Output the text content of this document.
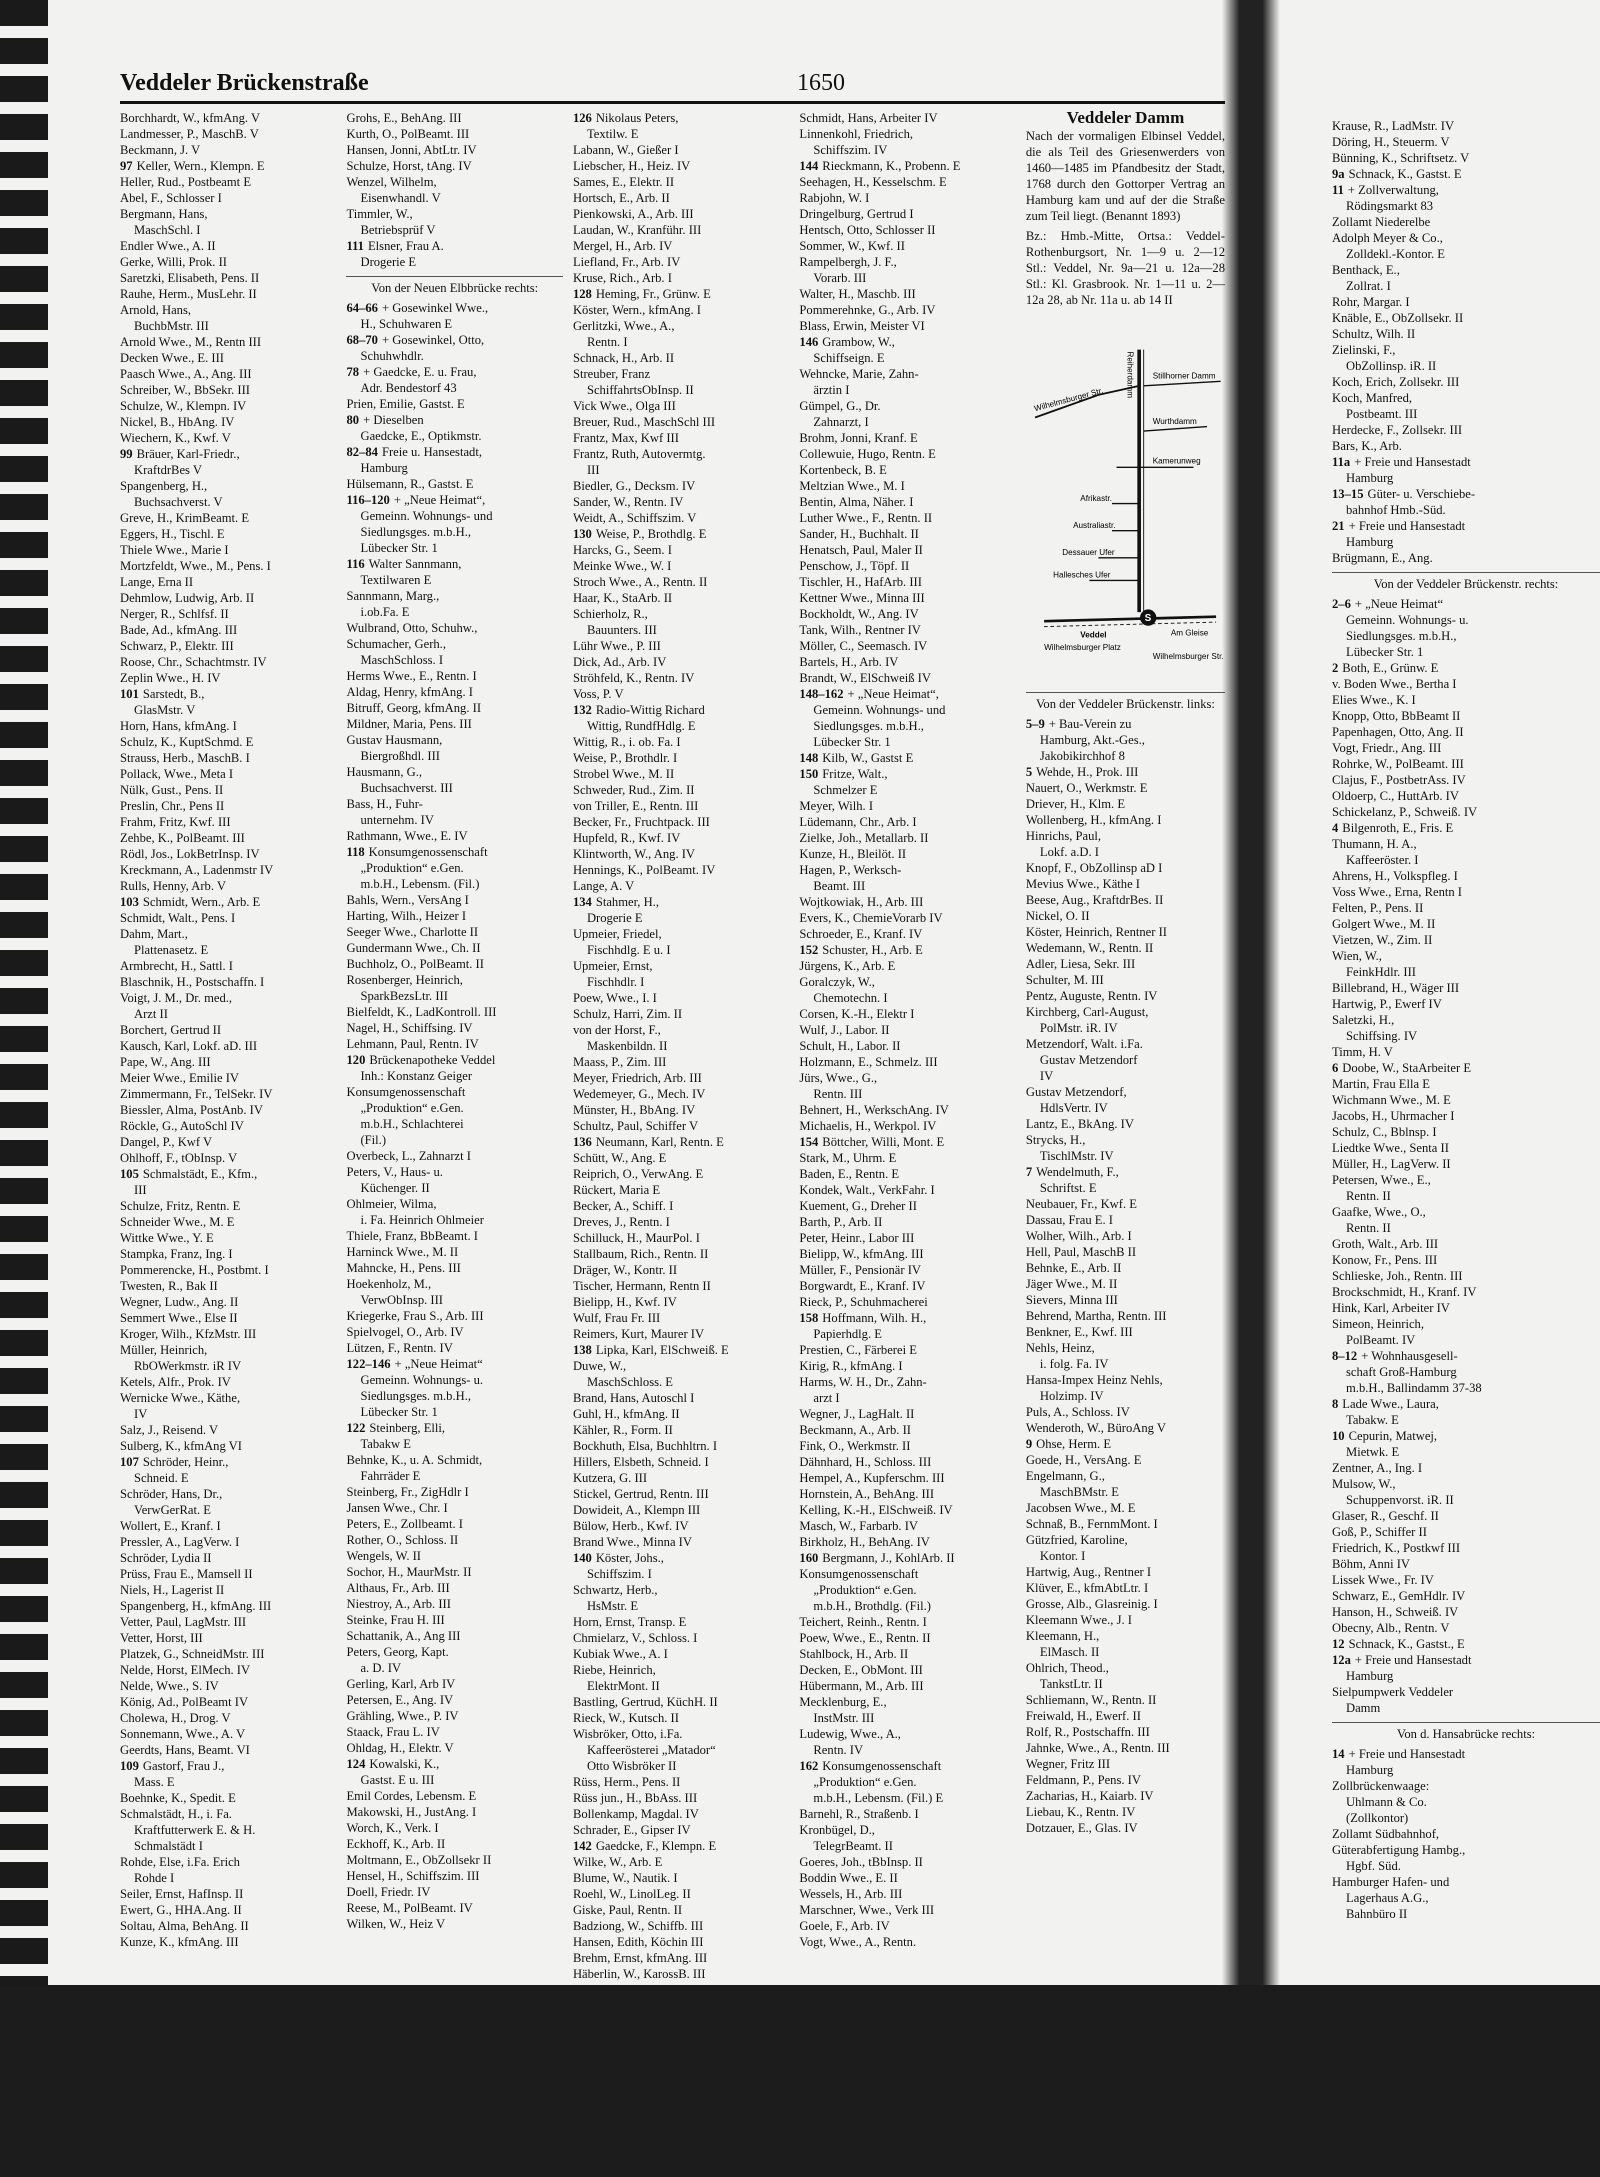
Veddeler Brückenstraße	1650
Borchhardt, W., kfmAng. V
Landmesser, P., MaschB. V
Beckmann, J. V
97 Keller, Wern., Klempn. E
Heller, Rud., Postbeamt E
Abel, F., Schlosser I
Bergmann, Hans,
MaschSchl. I
Endler Wwe., A. II
Gerke, Willi, Prok. II
Saretzki, Elisabeth, Pens. II
Rauhe, Herm., MusLehr. II
Arnold, Hans,
BuchbMstr. III
Arnold Wwe., M., Rentn III
Decken Wwe., E. III
Paasch Wwe., A., Ang. III
Schreiber, W., BbSekr. III
Schulze, W., Klempn. IV
Nickel, B., HbAng. IV
Wiechern, K., Kwf. V
99 Bräuer, Karl-Friedr.,
KraftdrBes V
Spangenberg, H.,
Buchsachverst. V
Greve, H., KrimBeamt. E
Eggers, H., Tischl. E
Thiele Wwe., Marie I
Mortzfeldt, Wwe., M., Pens. I
Lange, Erna II
Dehmlow, Ludwig, Arb. II
Nerger, R., Schlfsf. II
Bade, Ad., kfmAng. III
Schwarz, P., Elektr. III
Roose, Chr., Schachtmstr. IV
Zeplin Wwe., H. IV
101 Sarstedt, B.,
GlasMstr. V
Horn, Hans, kfmAng. I
Schulz, K., KuptSchmd. E
Strauss, Herb., MaschB. I
Pollack, Wwe., Meta I
Nülk, Gust., Pens. II
Preslin, Chr., Pens II
Frahm, Fritz, Kwf. III
Zehbe, K., PolBeamt. III
Rödl, Jos., LokBetrInsp. IV
Kreckmann, A., Ladenmstr IV
Rulls, Henny, Arb. V
103 Schmidt, Wern., Arb. E
Schmidt, Walt., Pens. I
Dahm, Mart.,
Plattenasetz. E
Armbrecht, H., Sattl. I
Blaschnik, H., Postschaffn. I
Voigt, J. M., Dr. med.,
Arzt II
Borchert, Gertrud II
Kausch, Karl, Lokf. aD. III
Pape, W., Ang. III
Meier Wwe., Emilie IV
Zimmermann, Fr., TelSekr. IV
Biessler, Alma, PostAnb. IV
Röckle, G., AutoSchl IV
Dangel, P., Kwf V
Ohlhoff, F., tObInsp. V
105 Schmalstädt, E., Kfm.,
III
Schulze, Fritz, Rentn. E
Schneider Wwe., M. E
Wittke Wwe., Y. E
Stampka, Franz, Ing. I
Pommerencke, H., Postbmt. I
Twesten, R., Bak II
Wegner, Ludw., Ang. II
Semmert Wwe., Else II
Kroger, Wilh., KfzMstr. III
Müller, Heinrich,
RbOWerkmstr. iR IV
Ketels, Alfr., Prok. IV
Wernicke Wwe., Käthe,
IV
Salz, J., Reisend. V
Sulberg, K., kfmAng VI
107 Schröder, Heinr.,
Schneid. E
Schröder, Hans, Dr.,
VerwGerRat. E
Wollert, E., Kranf. I
Pressler, A., LagVerw. I
Schröder, Lydia II
Prüss, Frau E., Mamsell II
Niels, H., Lagerist II
Spangenberg, H., kfmAng. III
Vetter, Paul, LagMstr. III
Vetter, Horst, III
Platzek, G., SchneidMstr. III
Nelde, Horst, ElMech. IV
Nelde, Wwe., S. IV
König, Ad., PolBeamt IV
Cholewa, H., Drog. V
Sonnemann, Wwe., A. V
Geerdts, Hans, Beamt. VI
109 Gastorf, Frau J.,
Mass. E
Boehnke, K., Spedit. E
Schmalstädt, H., i. Fa.
Kraftfutterwerk E. & H.
Schmalstädt I
Rohde, Else, i.Fa. Erich
Rohde I
Seiler, Ernst, HafInsp. II
Ewert, G., HHA.Ang. II
Soltau, Alma, BehAng. II
Kunze, K., kfmAng. III
Grohs, E., BehAng. III
Kurth, O., PolBeamt. III
Hansen, Jonni, AbtLtr. IV
Schulze, Horst, tAng. IV
Wenzel, Wilhelm,
Eisenwhandl. V
Timmler, W.,
Betriebsprüf V
111 Elsner, Frau A.
Drogerie E
Von der Neuen Elbbrücke rechts:
64–66 + Gosewinkel Wwe.,
H., Schuhwaren E
68–70 + Gosewinkel, Otto,
Schuhwhdlr.
78 + Gaedcke, E. u. Frau,
Adr. Bendestorf 43
Prien, Emilie, Gastst. E
80 + Dieselben
Gaedcke, E., Optikmstr.
82–84 Freie u. Hansestadt,
Hamburg
Hülsemann, R., Gastst. E
116–120 + „Neue Heimat“,
Gemeinn. Wohnungs- und
Siedlungsges. m.b.H.,
Lübecker Str. 1
116 Walter Sannmann,
Textilwaren E
Sannmann, Marg.,
i.ob.Fa. E
Wulbrand, Otto, Schuhw.,
Schumacher, Gerh.,
MaschSchloss. I
Herms Wwe., E., Rentn. I
Aldag, Henry, kfmAng. I
Bitruff, Georg, kfmAng. II
Mildner, Maria, Pens. III
Gustav Hausmann,
Biergroßhdl. III
Hausmann, G.,
Buchsachverst. III
Bass, H., Fuhr-
unternehm. IV
Rathmann, Wwe., E. IV
118 Konsumgenossenschaft
„Produktion“ e.Gen.
m.b.H., Lebensm. (Fil.)
Bahls, Wern., VersAng I
Harting, Wilh., Heizer I
Seeger Wwe., Charlotte II
Gundermann Wwe., Ch. II
Buchholz, O., PolBeamt. II
Rosenberger, Heinrich,
SparkBezsLtr. III
Bielfeldt, K., LadKontroll. III
Nagel, H., Schiffsing. IV
Lehmann, Paul, Rentn. IV
120 Brückenapotheke Veddel
Inh.: Konstanz Geiger
Konsumgenossenschaft
„Produktion“ e.Gen.
m.b.H., Schlachterei
(Fil.)
Overbeck, L., Zahnarzt I
Peters, V., Haus- u.
Küchenger. II
Ohlmeier, Wilma,
i. Fa. Heinrich Ohlmeier
Thiele, Franz, BbBeamt. I
Harninck Wwe., M. II
Mahncke, H., Pens. III
Hoekenholz, M.,
VerwObInsp. III
Kriegerke, Frau S., Arb. III
Spielvogel, O., Arb. IV
Lützen, F., Rentn. IV
122–146 + „Neue Heimat“
Gemeinn. Wohnungs- u.
Siedlungsges. m.b.H.,
Lübecker Str. 1
122 Steinberg, Elli,
Tabakw E
Behnke, K., u. A. Schmidt,
Fahrräder E
Steinberg, Fr., ZigHdlr I
Jansen Wwe., Chr. I
Peters, E., Zollbeamt. I
Rother, O., Schloss. II
Wengels, W. II
Sochor, H., MaurMstr. II
Althaus, Fr., Arb. III
Niestroy, A., Arb. III
Steinke, Frau H. III
Schattanik, A., Ang III
Peters, Georg, Kapt.
a. D. IV
Gerling, Karl, Arb IV
Petersen, E., Ang. IV
Grähling, Wwe., P. IV
Staack, Frau L. IV
Ohldag, H., Elektr. V
124 Kowalski, K.,
Gastst. E u. III
Emil Cordes, Lebensm. E
Makowski, H., JustAng. I
Worch, K., Verk. I
Eckhoff, K., Arb. II
Moltmann, E., ObZollsekr II
Hensel, H., Schiffszim. III
Doell, Friedr. IV
Reese, M., PolBeamt. IV
Wilken, W., Heiz V
126 Nikolaus Peters,
Textilw. E
Labann, W., Gießer I
Liebscher, H., Heiz. IV
Sames, E., Elektr. II
Hortsch, E., Arb. II
Pienkowski, A., Arb. III
Laudan, W., Kranführ. III
Mergel, H., Arb. IV
Liefland, Fr., Arb. IV
Kruse, Rich., Arb. I
128 Heming, Fr., Grünw. E
Köster, Wern., kfmAng. I
Gerlitzki, Wwe., A.,
Rentn. I
Schnack, H., Arb. II
Streuber, Franz
SchiffahrtsObInsp. II
Vick Wwe., Olga III
Breuer, Rud., MaschSchl III
Frantz, Max, Kwf III
Frantz, Ruth, Autovermtg.
III
Biedler, G., Decksm. IV
Sander, W., Rentn. IV
Weidt, A., Schiffszim. V
130 Weise, P., Brothdlg. E
Harcks, G., Seem. I
Meinke Wwe., W. I
Stroch Wwe., A., Rentn. II
Haar, K., StaArb. II
Schierholz, R.,
Bauunters. III
Lühr Wwe., P. III
Dick, Ad., Arb. IV
Ströhfeld, K., Rentn. IV
Voss, P. V
132 Radio-Wittig Richard
Wittig, RundfHdlg. E
Wittig, R., i. ob. Fa. I
Weise, P., Brothdlr. I
Strobel Wwe., M. II
Schweder, Rud., Zim. II
von Triller, E., Rentn. III
Becker, Fr., Fruchtpack. III
Hupfeld, R., Kwf. IV
Klintworth, W., Ang. IV
Hennings, K., PolBeamt. IV
Lange, A. V
134 Stahmer, H.,
Drogerie E
Upmeier, Friedel,
Fischhdlg. E u. I
Upmeier, Ernst,
Fischhdlr. I
Poew, Wwe., I. I
Schulz, Harri, Zim. II
von der Horst, F.,
Maskenbildn. II
Maass, P., Zim. III
Meyer, Friedrich, Arb. III
Wedemeyer, G., Mech. IV
Münster, H., BbAng. IV
Schultz, Paul, Schiffer V
136 Neumann, Karl, Rentn. E
Schütt, W., Ang. E
Reiprich, O., VerwAng. E
Rückert, Maria E
Becker, A., Schiff. I
Dreves, J., Rentn. I
Schilluck, H., MaurPol. I
Stallbaum, Rich., Rentn. II
Dräger, W., Kontr. II
Tischer, Hermann, Rentn II
Bielipp, H., Kwf. IV
Wulf, Frau Fr. III
Reimers, Kurt, Maurer IV
138 Lipka, Karl, ElSchweiß. E
Duwe, W.,
MaschSchloss. E
Brand, Hans, Autoschl I
Guhl, H., kfmAng. II
Kähler, R., Form. II
Bockhuth, Elsa, Buchhltrn. I
Hillers, Elsbeth, Schneid. I
Kutzera, G. III
Stickel, Gertrud, Rentn. III
Dowideit, A., Klempn III
Bülow, Herb., Kwf. IV
Brand Wwe., Minna IV
140 Köster, Johs.,
Schiffszim. I
Schwartz, Herb.,
HsMstr. E
Horn, Ernst, Transp. E
Chmielarz, V., Schloss. I
Kubiak Wwe., A. I
Riebe, Heinrich,
ElektrMont. II
Bastling, Gertrud, KüchH. II
Rieck, W., Kutsch. II
Wisbröker, Otto, i.Fa.
Kaffeerösterei „Matador“
Otto Wisbröker II
Rüss, Herm., Pens. II
Rüss jun., H., BbAss. III
Bollenkamp, Magdal. IV
Schrader, E., Gipser IV
142 Gaedcke, F., Klempn. E
Wilke, W., Arb. E
Blume, W., Nautik. I
Roehl, W., LinolLeg. II
Giske, Paul, Rentn. II
Badziong, W., Schiffb. III
Hansen, Edith, Köchin III
Brehm, Ernst, kfmAng. III
Häberlin, W., KarossB. III
Schmidt, Hans, Arbeiter IV
Linnenkohl, Friedrich,
Schiffszim. IV
144 Rieckmann, K., Probenn. E
Seehagen, H., Kesselschm. E
Rabjohn, W. I
Dringelburg, Gertrud I
Hentsch, Otto, Schlosser II
Sommer, W., Kwf. II
Rampelbergh, J. F.,
Vorarb. III
Walter, H., Maschb. III
Pommerehnke, G., Arb. IV
Blass, Erwin, Meister VI
146 Grambow, W.,
Schiffseign. E
Wehncke, Marie, Zahn-
ärztin I
Gümpel, G., Dr.
Zahnarzt, I
Brohm, Jonni, Kranf. E
Collewuie, Hugo, Rentn. E
Kortenbeck, B. E
Meltzian Wwe., M. I
Bentin, Alma, Näher. I
Luther Wwe., F., Rentn. II
Sander, H., Buchhalt. II
Henatsch, Paul, Maler II
Penschow, J., Töpf. II
Tischler, H., HafArb. III
Kettner Wwe., Minna III
Bockholdt, W., Ang. IV
Tank, Wilh., Rentner IV
Möller, C., Seemasch. IV
Bartels, H., Arb. IV
Brandt, W., ElSchweiß IV
148–162 + „Neue Heimat“,
Gemeinn. Wohnungs- und
Siedlungsges. m.b.H.,
Lübecker Str. 1
148 Kilb, W., Gastst E
150 Fritze, Walt.,
Schmelzer E
Meyer, Wilh. I
Lüdemann, Chr., Arb. I
Zielke, Joh., Metallarb. II
Kunze, H., Bleilöt. II
Hagen, P., Werksch-
Beamt. III
Wojtkowiak, H., Arb. III
Evers, K., ChemieVorarb IV
Schroeder, E., Kranf. IV
152 Schuster, H., Arb. E
Jürgens, K., Arb. E
Goralczyk, W.,
Chemotechn. I
Corsen, K.-H., Elektr I
Wulf, J., Labor. II
Schult, H., Labor. II
Holzmann, E., Schmelz. III
Jürs, Wwe., G.,
Rentn. III
Behnert, H., WerkschAng. IV
Michaelis, H., Werkpol. IV
154 Böttcher, Willi, Mont. E
Stark, M., Uhrm. E
Baden, E., Rentn. E
Kondek, Walt., VerkFahr. I
Kuement, G., Dreher II
Barth, P., Arb. II
Peter, Heinr., Labor III
Bielipp, W., kfmAng. III
Müller, F., Pensionär IV
Borgwardt, E., Kranf. IV
Rieck, P., Schuhmacherei
158 Hoffmann, Wilh. H.,
Papierhdlg. E
Prestien, C., Färberei E
Kirig, R., kfmAng. I
Harms, W. H., Dr., Zahn-
arzt I
Wegner, J., LagHalt. II
Beckmann, A., Arb. II
Fink, O., Werkmstr. II
Dähnhard, H., Schloss. III
Hempel, A., Kupferschm. III
Hornstein, A., BehAng. III
Kelling, K.-H., ElSchweiß. IV
Masch, W., Farbarb. IV
Birkholz, H., BehAng. IV
160 Bergmann, J., KohlArb. II
Konsumgenossenschaft
„Produktion“ e.Gen.
m.b.H., Brothdlg. (Fil.)
Teichert, Reinh., Rentn. I
Poew, Wwe., E., Rentn. II
Stahlbock, H., Arb. II
Decken, E., ObMont. III
Hübermann, M., Arb. III
Mecklenburg, E.,
InstMstr. III
Ludewig, Wwe., A.,
Rentn. IV
162 Konsumgenossenschaft
„Produktion“ e.Gen.
m.b.H., Lebensm. (Fil.) E
Barnehl, R., Straßenb. I
Kronbügel, D.,
TelegrBeamt. II
Goeres, Joh., tBbInsp. II
Boddin Wwe., E. II
Wessels, H., Arb. III
Marschner, Wwe., Verk III
Goele, F., Arb. IV
Vogt, Wwe., A., Rentn.
Veddeler Damm

Nach der vormaligen Elbinsel Veddel, die als Teil des Griesenwerders von 1460—1485 im Pfandbesitz der Stadt, 1768 durch den Gottorper Vertrag an Hamburg kam und auf der die Straße zum Teil liegt. (Benannt 1893)

Bz.: Hmb.-Mitte, Ortsa.: Veddel-Rothenburgsort, Nr. 1—9 u. 2—12 Stl.: Veddel, Nr. 9a—21 u. 12a—28 Stl.: Kl. Grasbrook. Nr. 1—11 u. 2—12a 28, ab Nr. 11a u. ab 14 II

S
Stillhorner Damm
Wilhelmsburger Str.
Wurthdamm
Kamerunweg
Afrikastr.
Australiastr.
Dessauer Ufer
Hallesches Ufer
Veddel
Wilhelmsburger Platz
Am Gleise
Wilhelmsburger Str.
Reiherdamm
Von der Veddeler Brückenstr. links:
5–9 + Bau-Verein zu
Hamburg, Akt.-Ges.,
Jakobikirchhof 8
5 Wehde, H., Prok. III
Nauert, O., Werkmstr. E
Driever, H., Klm. E
Wollenberg, H., kfmAng. I
Hinrichs, Paul,
Lokf. a.D. I
Knopf, F., ObZollinsp aD I
Mevius Wwe., Käthe I
Beese, Aug., KraftdrBes. II
Nickel, O. II
Köster, Heinrich, Rentner II
Wedemann, W., Rentn. II
Adler, Liesa, Sekr. III
Schulter, M. III
Pentz, Auguste, Rentn. IV
Kirchberg, Carl-August,
PolMstr. iR. IV
Metzendorf, Walt. i.Fa.
Gustav Metzendorf
IV
Gustav Metzendorf,
HdlsVertr. IV
Lantz, E., BkAng. IV
Strycks, H.,
TischlMstr. IV
7 Wendelmuth, F.,
Schriftst. E
Neubauer, Fr., Kwf. E
Dassau, Frau E. I
Wolher, Wilh., Arb. I
Hell, Paul, MaschB II
Behnke, E., Arb. II
Jäger Wwe., M. II
Sievers, Minna III
Behrend, Martha, Rentn. III
Benkner, E., Kwf. III
Nehls, Heinz,
i. folg. Fa. IV
Hansa-Impex Heinz Nehls,
Holzimp. IV
Puls, A., Schloss. IV
Wenderoth, W., BüroAng V
9 Ohse, Herm. E
Goede, H., VersAng. E
Engelmann, G.,
MaschBMstr. E
Jacobsen Wwe., M. E
Schnaß, B., FernmMont. I
Gützfried, Karoline,
Kontor. I
Hartwig, Aug., Rentner I
Klüver, E., kfmAbtLtr. I
Grosse, Alb., Glasreinig. I
Kleemann Wwe., J. I
Kleemann, H.,
ElMasch. II
Ohlrich, Theod.,
TankstLtr. II
Schliemann, W., Rentn. II
Freiwald, H., Ewerf. II
Rolf, R., Postschaffn. III
Jahnke, Wwe., A., Rentn. III
Wegner, Fritz III
Feldmann, P., Pens. IV
Zacharias, H., Kaiarb. IV
Liebau, K., Rentn. IV
Dotzauer, E., Glas. IV
Krause, R., LadMstr. IV
Döring, H., Steuerm. V
Bünning, K., Schriftsetz. V
9a Schnack, K., Gastst. E
11 + Zollverwaltung,
Rödingsmarkt 83
Zollamt Niederelbe
Adolph Meyer & Co.,
Zolldekl.-Kontor. E
Benthack, E.,
Zollrat. I
Rohr, Margar. I
Knäble, E., ObZollsekr. II
Schultz, Wilh. II
Zielinski, F.,
ObZollinsp. iR. II
Koch, Erich, Zollsekr. III
Koch, Manfred,
Postbeamt. III
Herdecke, F., Zollsekr. III
Bars, K., Arb.
11a + Freie und Hansestadt
Hamburg
13–15 Güter- u. Verschiebe-
bahnhof Hmb.-Süd.
21 + Freie und Hansestadt
Hamburg
Brügmann, E., Ang.
Von der Veddeler Brückenstr. rechts:
2–6 + „Neue Heimat“
Gemeinn. Wohnungs- u.
Siedlungsges. m.b.H.,
Lübecker Str. 1
2 Both, E., Grünw. E
v. Boden Wwe., Bertha I
Elies Wwe., K. I
Knopp, Otto, BbBeamt II
Papenhagen, Otto, Ang. II
Vogt, Friedr., Ang. III
Rohrke, W., PolBeamt. III
Clajus, F., PostbetrAss. IV
Oldoerp, C., HuttArb. IV
Schickelanz, P., Schweiß. IV
4 Bilgenroth, E., Fris. E
Thumann, H. A.,
Kaffeeröster. I
Ahrens, H., Volkspfleg. I
Voss Wwe., Erna, Rentn I
Felten, P., Pens. II
Golgert Wwe., M. II
Vietzen, W., Zim. II
Wien, W.,
FeinkHdlr. III
Billebrand, H., Wäger III
Hartwig, P., Ewerf IV
Saletzki, H.,
Schiffsing. IV
Timm, H. V
6 Doobe, W., StaArbeiter E
Martin, Frau Ella E
Wichmann Wwe., M. E
Jacobs, H., Uhrmacher I
Schulz, C., Bblnsp. I
Liedtke Wwe., Senta II
Müller, H., LagVerw. II
Petersen, Wwe., E.,
Rentn. II
Gaafke, Wwe., O.,
Rentn. II
Groth, Walt., Arb. III
Konow, Fr., Pens. III
Schlieske, Joh., Rentn. III
Brockschmidt, H., Kranf. IV
Hink, Karl, Arbeiter IV
Simeon, Heinrich,
PolBeamt. IV
8–12 + Wohnhausgesell-
schaft Groß-Hamburg
m.b.H., Ballindamm 37-38
8 Lade Wwe., Laura,
Tabakw. E
10 Cepurin, Matwej,
Mietwk. E
Zentner, A., Ing. I
Mulsow, W.,
Schuppenvorst. iR. II
Glaser, R., Geschf. II
Goß, P., Schiffer II
Friedrich, K., Postkwf III
Böhm, Anni IV
Lissek Wwe., Fr. IV
Schwarz, E., GemHdlr. IV
Hanson, H., Schweiß. IV
Obecny, Alb., Rentn. V
12 Schnack, K., Gastst., E
12a + Freie und Hansestadt
Hamburg
Sielpumpwerk Veddeler
Damm
Von d. Hansabrücke rechts:
14 + Freie und Hansestadt
Hamburg
Zollbrückenwaage:
Uhlmann & Co.
(Zollkontor)
Zollamt Südbahnhof,
Güterabfertigung Hambg.,
Hgbf. Süd.
Hamburger Hafen- und
Lagerhaus A.G.,
Bahnbüro II
